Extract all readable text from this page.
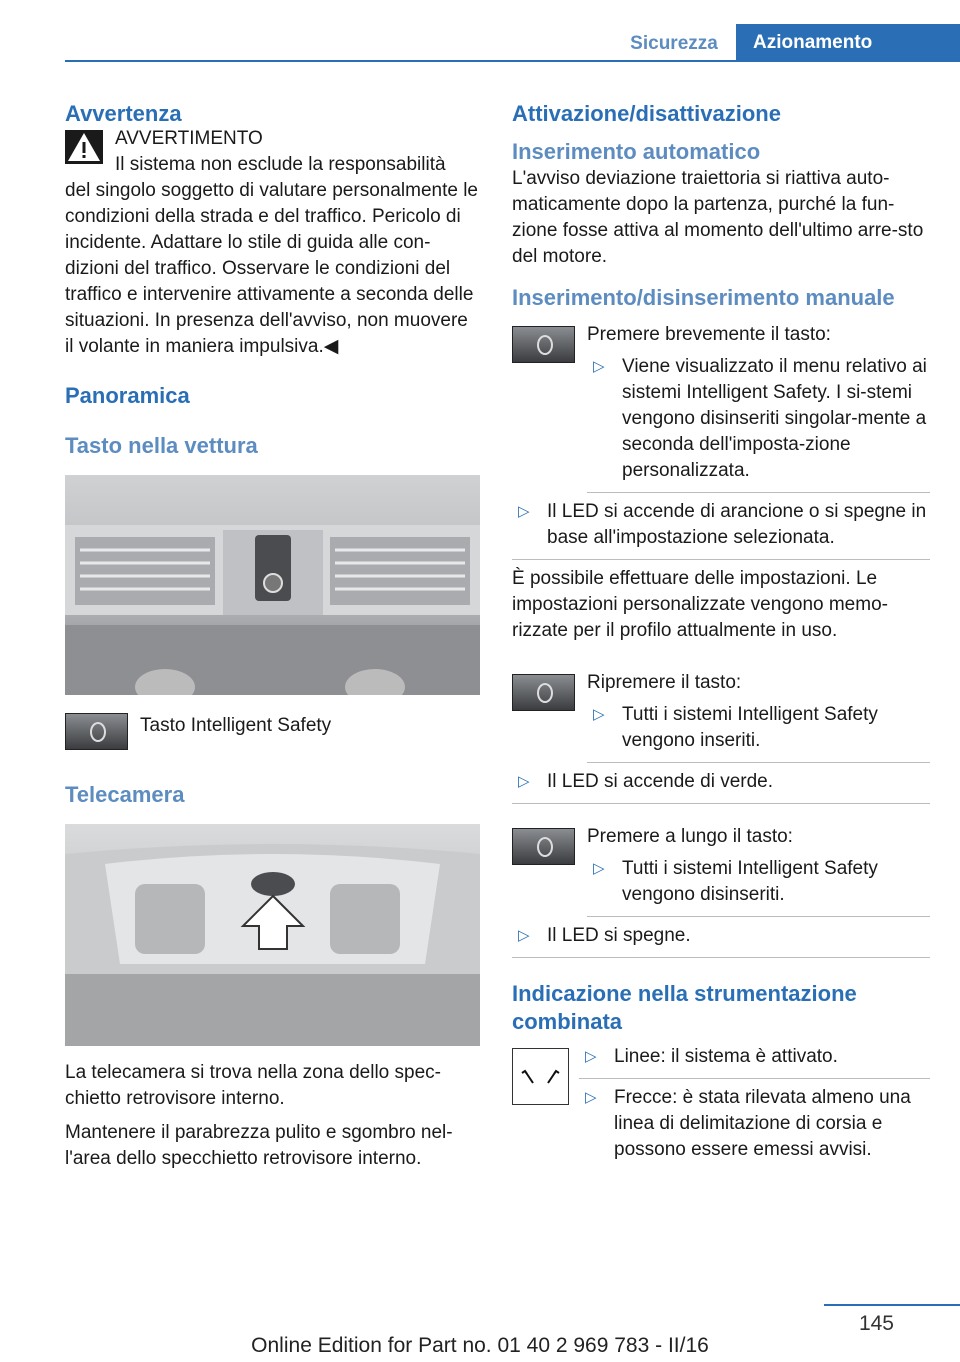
Sicurezza	Azionamento
Avvertenza

AVVERTIMENTO

Il sistema non esclude la responsabilità

del singolo soggetto di valutare personalmente le condizioni della strada e del traffico. Pericolo di incidente. Adattare lo stile di guida alle con-dizioni del traffico. Osservare le condizioni del traffico e intervenire attivamente a seconda delle situazioni. In presenza dell'avviso, non muovere il volante in maniera impulsiva.◀

Panoramica
Tasto nella vettura

Tasto Intelligent Safety

Telecamera

La telecamera si trova nella zona dello spec-chietto retrovisore interno.

Mantenere il parabrezza pulito e sgombro nel-l'area dello specchietto retrovisore interno.

Attivazione/disattivazione
Inserimento automatico

L'avviso deviazione traiettoria si riattiva auto-maticamente dopo la partenza, purché la fun-zione fosse attiva al momento dell'ultimo arre-sto del motore.

Inserimento/disinserimento manuale

Premere brevemente il tasto:

▷ Viene visualizzato il menu relativo ai sistemi Intelligent Safety. I si-stemi vengono disinseriti singolar-mente a seconda dell'imposta-zione personalizzata.
▷ Il LED si accende di arancione o si spegne in base all'impostazione selezionata.

È possibile effettuare delle impostazioni. Le impostazioni personalizzate vengono memo-rizzate per il profilo attualmente in uso.

Ripremere il tasto:

▷ Tutti i sistemi Intelligent Safety vengono inseriti.
▷ Il LED si accende di verde.

Premere a lungo il tasto:

▷ Tutti i sistemi Intelligent Safety vengono disinseriti.
▷ Il LED si spegne.
Indicazione nella strumentazione combinata
▷ Linee: il sistema è attivato.
▷ Frecce: è stata rilevata almeno una linea di delimitazione di corsia e possono essere emessi avvisi.
145
Online Edition for Part no. 01 40 2 969 783 - II/16
